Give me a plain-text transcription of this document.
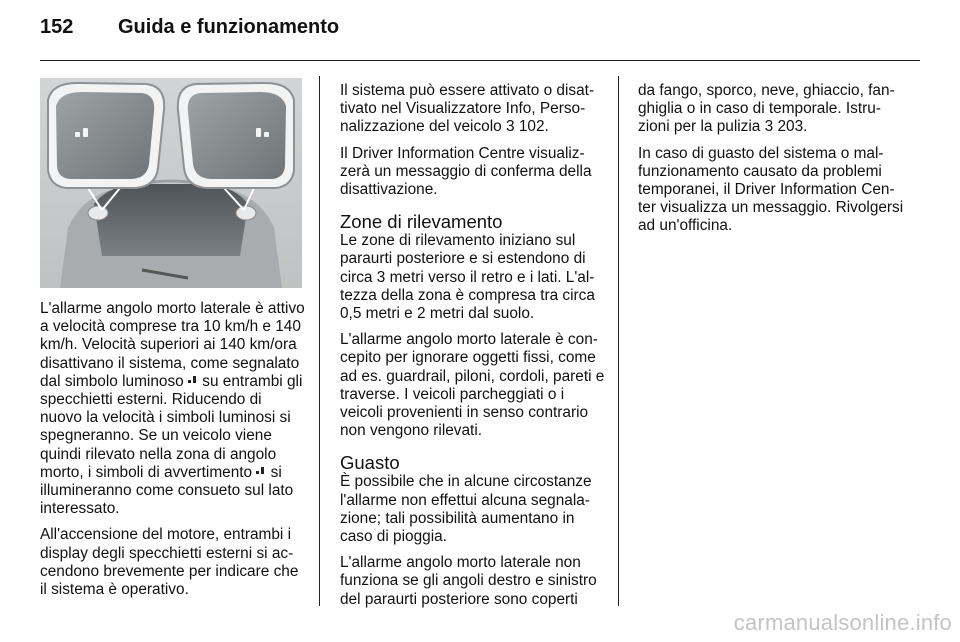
152 Guida e funzionamento

L'allarme angolo morto laterale è attivo a velocità comprese tra 10 km/h e 140 km/h. Velocità superiori ai 140 km/ora disattivano il sistema, come segnalato dal simbolo luminoso  su entrambi gli specchietti esterni. Riducendo di nuovo la velocità i simboli luminosi si spegneranno. Se un veicolo viene quindi rilevato nella zona di angolo morto, i simboli di avvertimento  si illumineranno come consueto sul lato interessato.

All'accensione del motore, entrambi i display degli specchietti esterni si accendono brevemente per indicare che il sistema è operativo.

Il sistema può essere attivato o disattivato nel Visualizzatore Info, Personalizzazione del veicolo 3 102.

Il Driver Information Centre visualizzerà un messaggio di conferma della disattivazione.

Zone di rilevamento

Le zone di rilevamento iniziano sul paraurti posteriore e si estendono di circa 3 metri verso il retro e i lati. L'altezza della zona è compresa tra circa 0,5 metri e 2 metri dal suolo.

L'allarme angolo morto laterale è concepito per ignorare oggetti fissi, come ad es. guardrail, piloni, cordoli, pareti e traverse. I veicoli parcheggiati o i veicoli provenienti in senso contrario non vengono rilevati.

Guasto

È possibile che in alcune circostanze l'allarme non effettui alcuna segnalazione; tali possibilità aumentano in caso di pioggia.

L'allarme angolo morto laterale non funziona se gli angoli destro e sinistro del paraurti posteriore sono coperti

da fango, sporco, neve, ghiaccio, fanghiglia o in caso di temporale. Istruzioni per la pulizia 3 203.

In caso di guasto del sistema o malfunzionamento causato da problemi temporanei, il Driver Information Center visualizza un messaggio. Rivolgersi ad un'officina.

carmanualsonline.info
